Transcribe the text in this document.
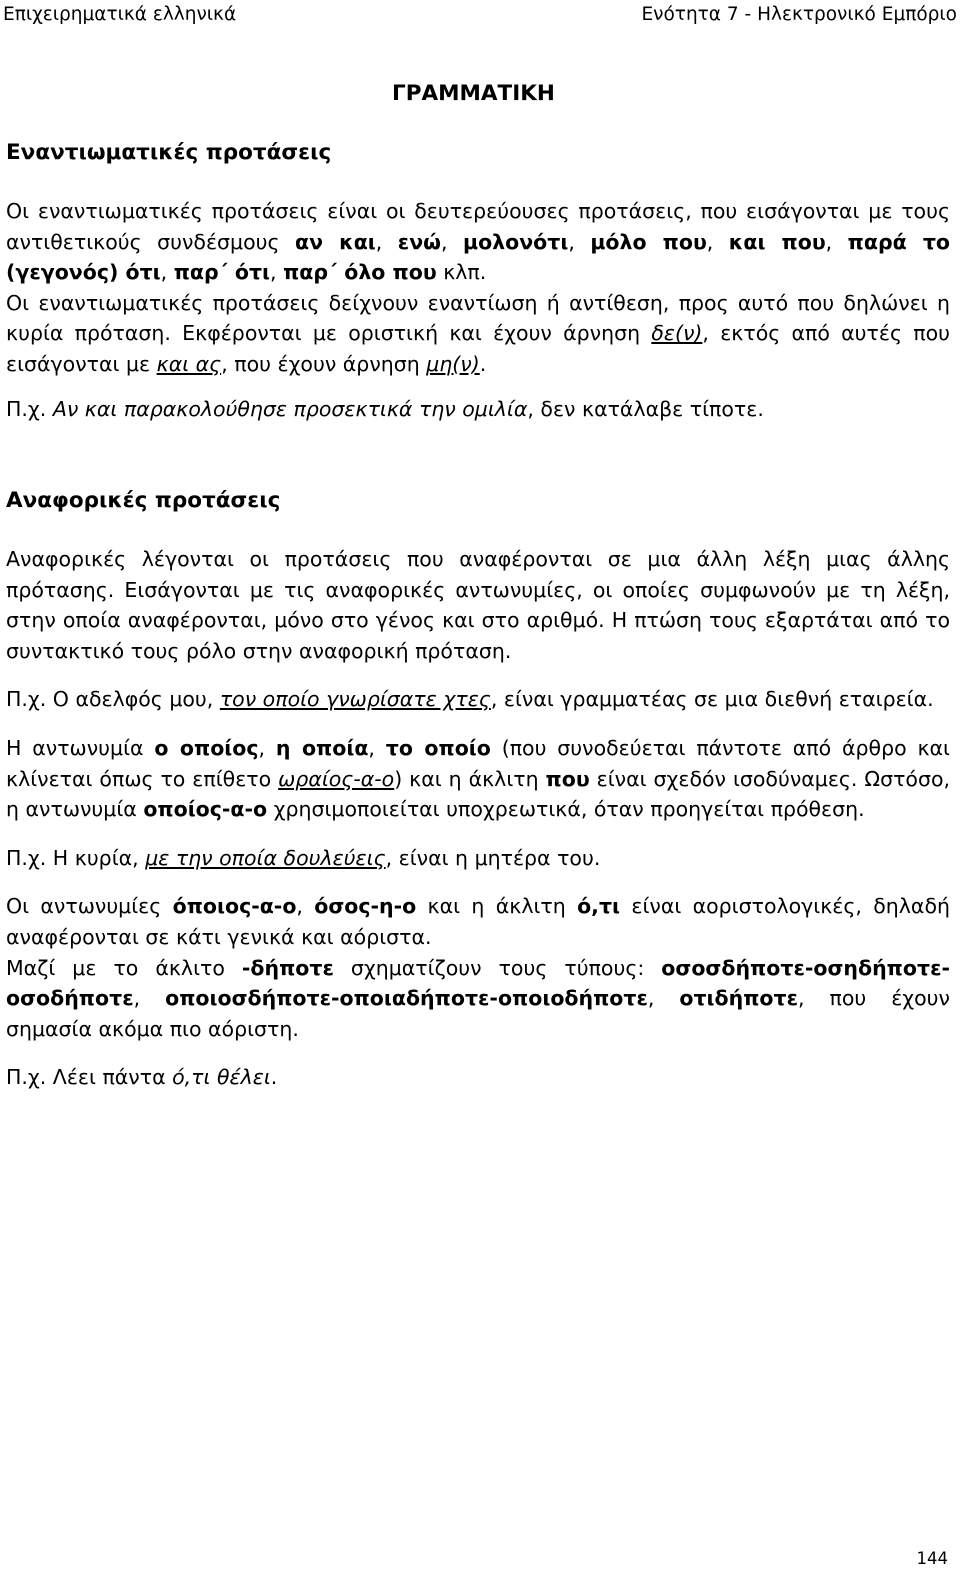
Επιχειρηματικά ελληνικά	Ενότητα 7 - Ηλεκτρονικό Εμπόριο
ΓΡΑΜΜΑΤΙΚΗ
Εναντιωματικές προτάσεις

Οι εναντιωματικές προτάσεις είναι οι δευτερεύουσες προτάσεις, που εισάγονται με τους αντιθετικούς συνδέσμους αν και, ενώ, μολονότι, μόλο που, και που, παρά το (γεγονός) ότι, παρ΄ ότι, παρ΄ όλο που κλπ.

Οι εναντιωματικές προτάσεις δείχνουν εναντίωση ή αντίθεση, προς αυτό που δηλώνει η κυρία πρόταση. Εκφέρονται με οριστική και έχουν άρνηση δε(ν), εκτός από αυτές που εισάγονται με και ας, που έχουν άρνηση μη(ν).

Π.χ. Αν και παρακολούθησε προσεκτικά την ομιλία, δεν κατάλαβε τίποτε.

Αναφορικές προτάσεις

Αναφορικές λέγονται οι προτάσεις που αναφέρονται σε μια άλλη λέξη μιας άλλης πρότασης. Εισάγονται με τις αναφορικές αντωνυμίες, οι οποίες συμφωνούν με τη λέξη, στην οποία αναφέρονται, μόνο στο γένος και στο αριθμό. Η πτώση τους εξαρτάται από το συντακτικό τους ρόλο στην αναφορική πρόταση.

Π.χ. Ο αδελφός μου, τον οποίο γνωρίσατε χτες, είναι γραμματέας σε μια διεθνή εταιρεία.

Η αντωνυμία ο οποίος, η οποία, το οποίο (που συνοδεύεται πάντοτε από άρθρο και κλίνεται όπως το επίθετο ωραίος-α-ο) και η άκλιτη που είναι σχεδόν ισοδύναμες. Ωστόσο, η αντωνυμία οποίος-α-ο χρησιμοποιείται υποχρεωτικά, όταν προηγείται πρόθεση.

Π.χ. Η κυρία, με την οποία δουλεύεις, είναι η μητέρα του.

Οι αντωνυμίες όποιος-α-ο, όσος-η-ο και η άκλιτη ό,τι είναι αοριστολογικές, δηλαδή αναφέρονται σε κάτι γενικά και αόριστα.

Μαζί με το άκλιτο -δήποτε σχηματίζουν τους τύπους: οσοσδήποτε-οσηδήποτε-οσοδήποτε, οποιοσδήποτε-οποιαδήποτε-οποιοδήποτε, οτιδήποτε, που έχουν σημασία ακόμα πιο αόριστη.

Π.χ. Λέει πάντα ό,τι θέλει.

144
